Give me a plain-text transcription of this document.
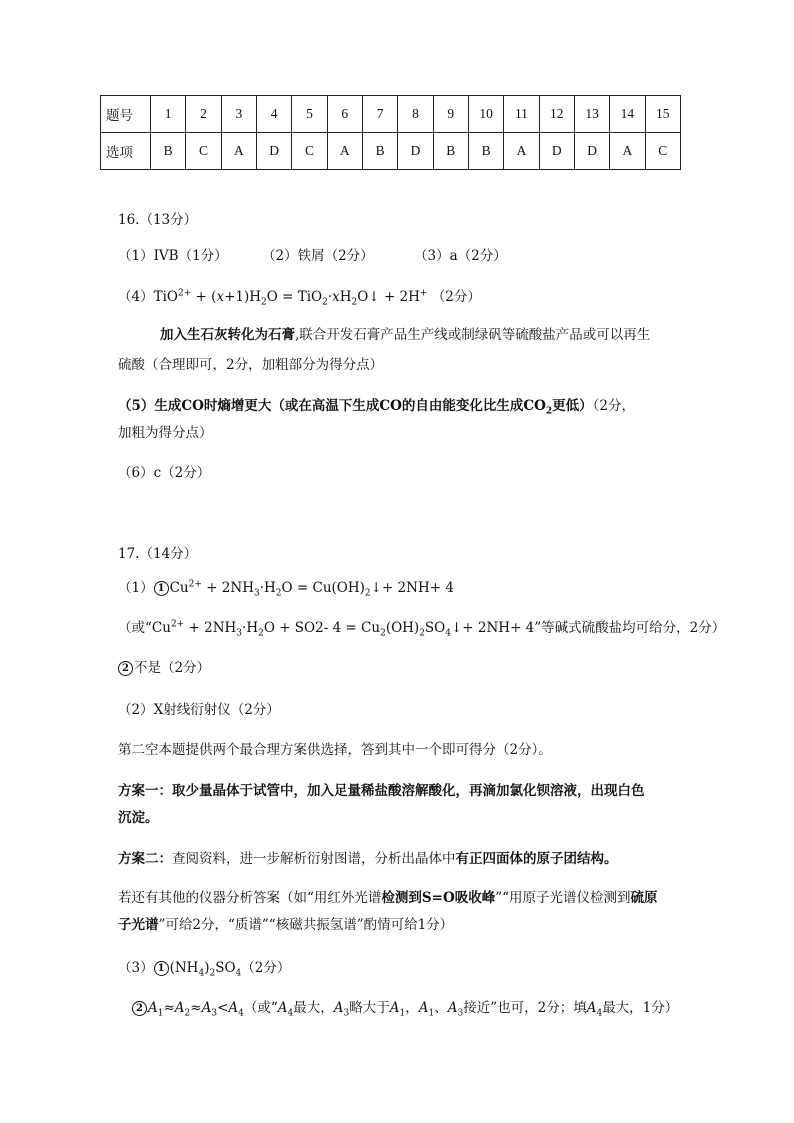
题号	1	2	3	4	5	6	7	8	9	10	11	12	13	14	15
选项	B	C	A	D	C	A	B	D	B	B	A	D	D	A	C
16.（13分）
（1）IVB（1分）	（2）铁屑（2分）	（3）a（2分）
$(4)TiO^{2+} + (x+1)H_2O$ = $TiO_2\cdot xH_2O↓ + 2H^+$ （2分）
加入生石灰转化为石膏,联合开发石膏产品生产线或制绿矾等硫酸盐产品或可以再生
硫酸（合理即可，2分，加粗部分为得分点）
（5）生成CO时熵增更大（或在高温下生成CO的自由能变化比生成$CO_2$更低）（2分，
加粗为得分点）
（6）c（2分）
17.（14分）
（1） 1 $Cu^{2+} + 2NH_3\cdot H_2O$ = $Cu(OH)_2↓+ 2NH+ 4$
（或“$Cu^{2+} + 2NH_3\cdot H_2O + SO2-$ $4 = Cu_2(OH)_2SO_4↓+ 2NH+ 4$”等碱式硫酸盐均可给分，2分）
2 不是（2分）
（2）X射线衍射仪（2分）
第二空本题提供两个最合理方案供选择，答到其中一个即可得分（2分）。
方案一：取少量晶体于试管中，加入足量稀盐酸溶解酸化，再滴加氯化钡溶液，出现白色
沉淀。
方案二：查阅资料，进一步解析衍射图谱，分析出晶体中有正四面体的原子团结构。
若还有其他的仪器分析答案（如“用红外光谱检测到S=O吸收峰”“用原子光谱仪检测到硫原
子光谱”可给2分，“质谱”“核磁共振氢谱”酌情可给1分）
（3） 1 $(NH_4)_2SO_4(2$分）
2 $A_1\approx A_2\approx A_3<A_4$（或“$A_4$最大，$A_3$略大于$A_1$，$A_1$、$A_3$接近”也可，2分；填$A_4$最大，1分）
